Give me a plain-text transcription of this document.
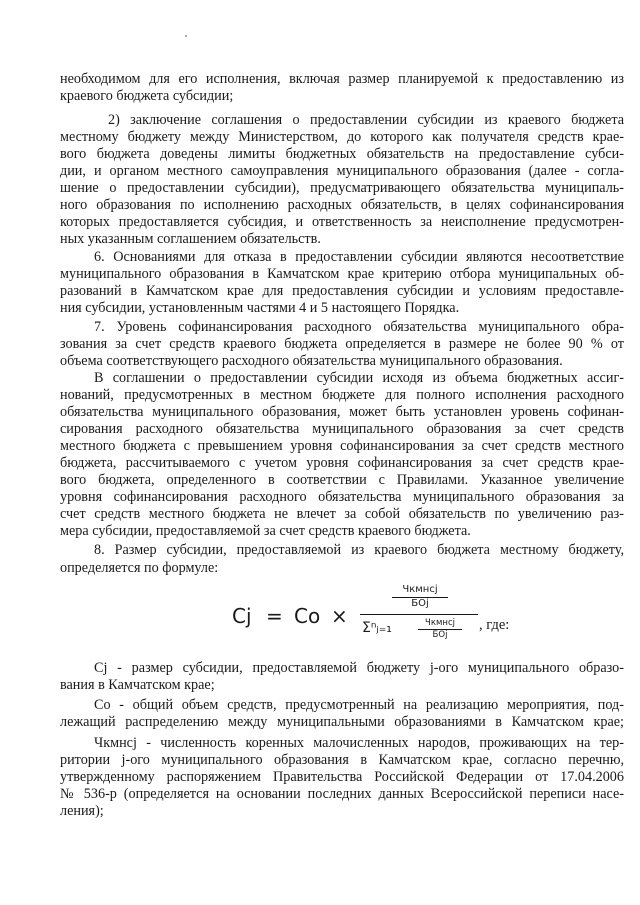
Cj = Co ×
Чкмнсj
БОj
Σⁿⱼ₌₁	Чкмнсj
БОj
, где:
необходимом для его исполнения, включая размер планируемой к предоставлению из
краевого бюджета субсидии;
2) заключение соглашения о предоставлении субсидии из краевого бюджета
местному бюджету между Министерством, до которого как получателя средств крае-
вого бюджета доведены лимиты бюджетных обязательств на предоставление субси-
дии, и органом местного самоуправления муниципального образования (далее - согла-
шение о предоставлении субсидии), предусматривающего обязательства муниципаль-
ного образования по исполнению расходных обязательств, в целях софинансирования
которых предоставляется субсидия, и ответственность за неисполнение предусмотрен-
ных указанным соглашением обязательств.
6. Основаниями для отказа в предоставлении субсидии являются несоответствие
муниципального образования в Камчатском крае критерию отбора муниципальных об-
разований в Камчатском крае для предоставления субсидии и условиям предоставле-
ния субсидии, установленным частями 4 и 5 настоящего Порядка.
7. Уровень софинансирования расходного обязательства муниципального обра-
зования за счет средств краевого бюджета определяется в размере не более 90 % от
объема соответствующего расходного обязательства муниципального образования.
В соглашении о предоставлении субсидии исходя из объема бюджетных ассиг-
нований, предусмотренных в местном бюджете для полного исполнения расходного
обязательства муниципального образования, может быть установлен уровень софинан-
сирования расходного обязательства муниципального образования за счет средств
местного бюджета с превышением уровня софинансирования за счет средств местного
бюджета, рассчитываемого с учетом уровня софинансирования за счет средств крае-
вого бюджета, определенного в соответствии с Правилами. Указанное увеличение
уровня софинансирования расходного обязательства муниципального образования за
счет средств местного бюджета не влечет за собой обязательств по увеличению раз-
мера субсидии, предоставляемой за счет средств краевого бюджета.
8. Размер субсидии, предоставляемой из краевого бюджета местному бюджету,
определяется по формуле:
Cj - размер субсидии, предоставляемой бюджету j-ого муниципального образо-
вания в Камчатском крае;
Co - общий объем средств, предусмотренный на реализацию мероприятия, под-
лежащий распределению между муниципальными образованиями в Камчатском крае;
Чкмнсj - численность коренных малочисленных народов, проживающих на тер-
ритории j-ого муниципального образования в Камчатском крае, согласно перечню,
утвержденному распоряжением Правительства Российской Федерации от 17.04.2006
№ 536-р (определяется на основании последних данных Всероссийской переписи насе-
ления);
